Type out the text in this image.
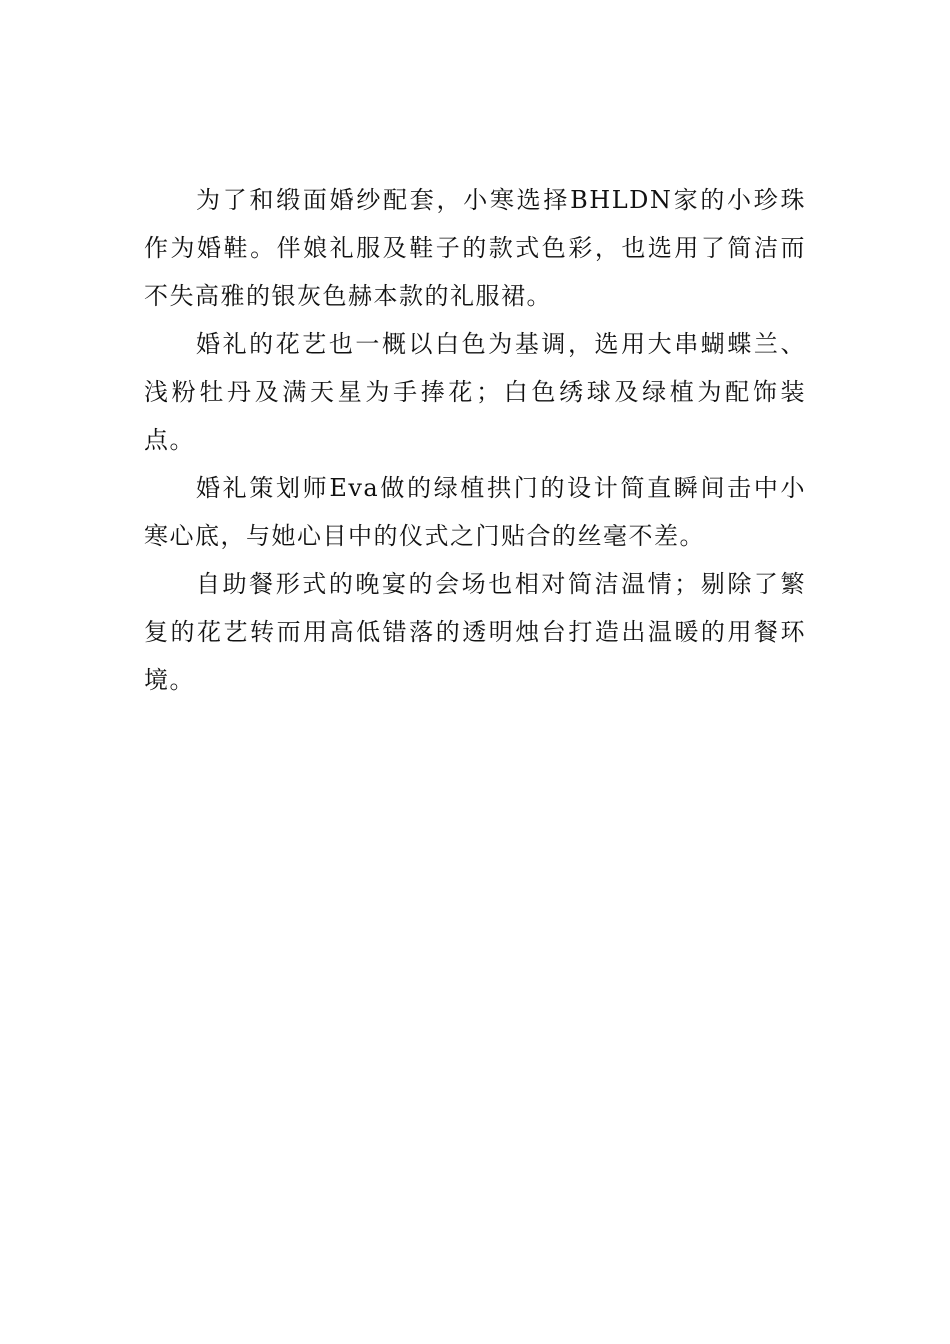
为了和缎面婚纱配套，小寒选择BHLDN家的小珍珠作为婚鞋。伴娘礼服及鞋子的款式色彩，也选用了简洁而不失高雅的银灰色赫本款的礼服裙。

婚礼的花艺也一概以白色为基调，选用大串蝴蝶兰、浅粉牡丹及满天星为手捧花；白色绣球及绿植为配饰装点。

婚礼策划师Eva做的绿植拱门的设计简直瞬间击中小寒心底，与她心目中的仪式之门贴合的丝毫不差。

自助餐形式的晚宴的会场也相对简洁温情；剔除了繁复的花艺转而用高低错落的透明烛台打造出温暖的用餐环境。
